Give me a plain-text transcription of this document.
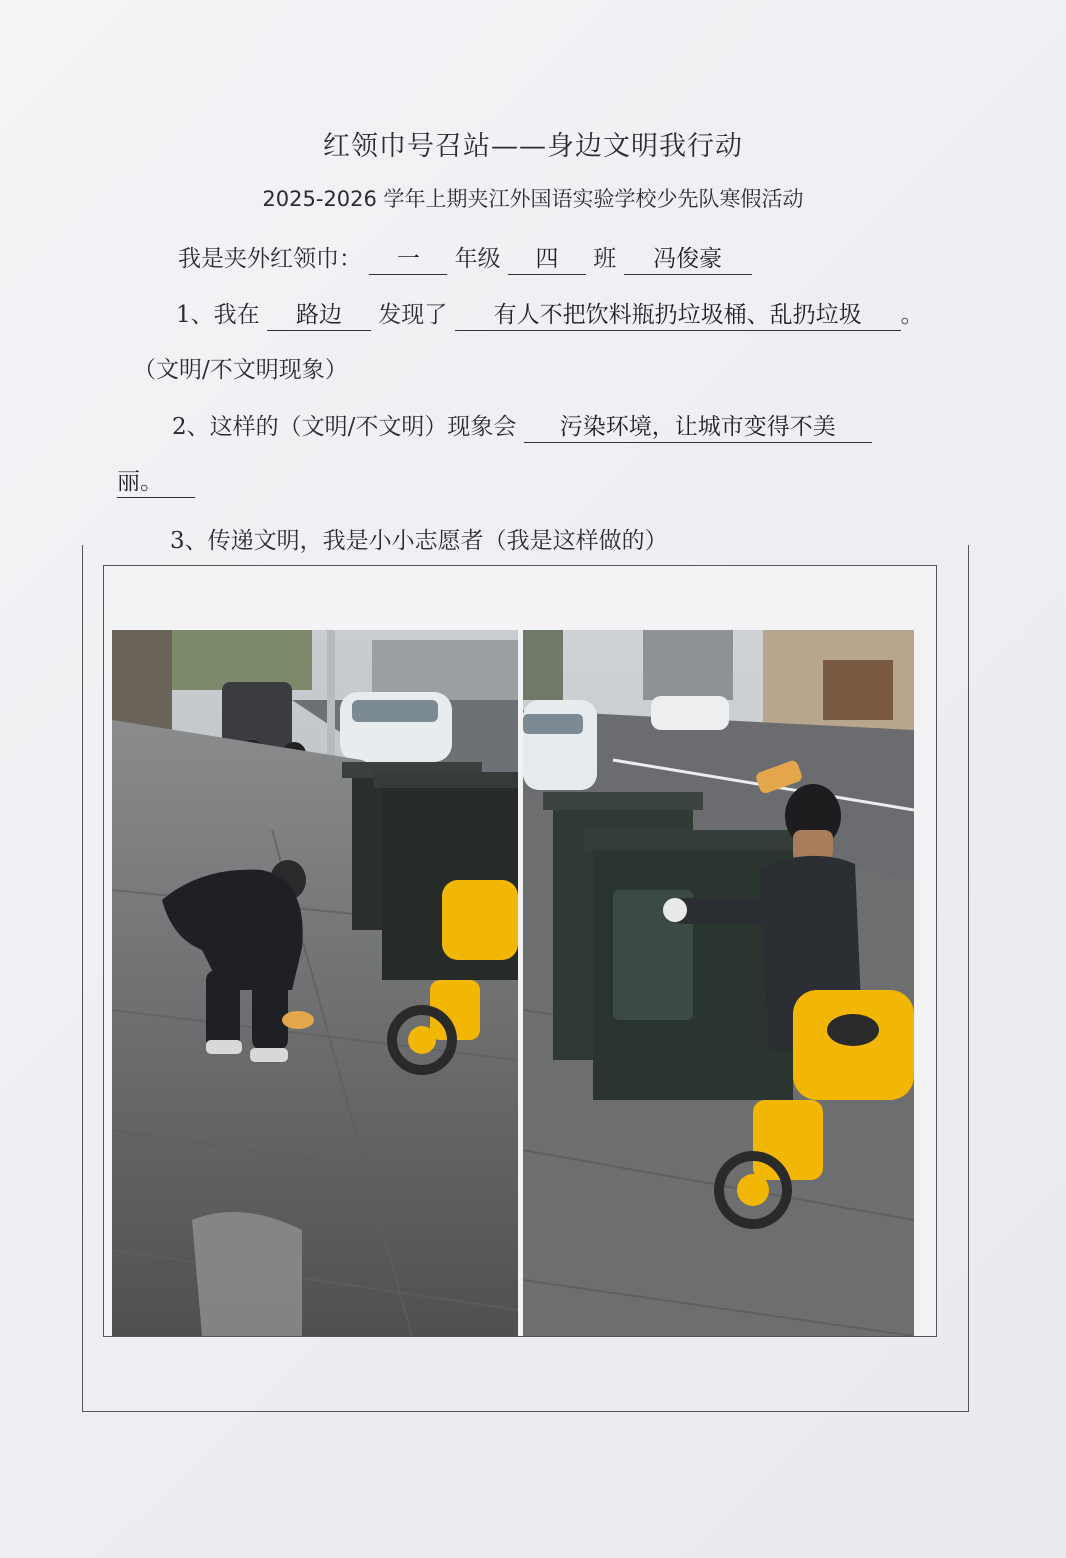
红领巾号召站——身边文明我行动
2025-2026 学年上期夹江外国语实验学校少先队寒假活动
我是夹外红领巾： 一 年级 四 班 冯俊豪
1、我在 路边 发现了 有人不把饮料瓶扔垃圾桶、乱扔垃圾 。
（文明/不文明现象）
2、这样的（文明/不文明）现象会 污染环境，让城市变得不美
丽。
3、传递文明，我是小小志愿者（我是这样做的）
